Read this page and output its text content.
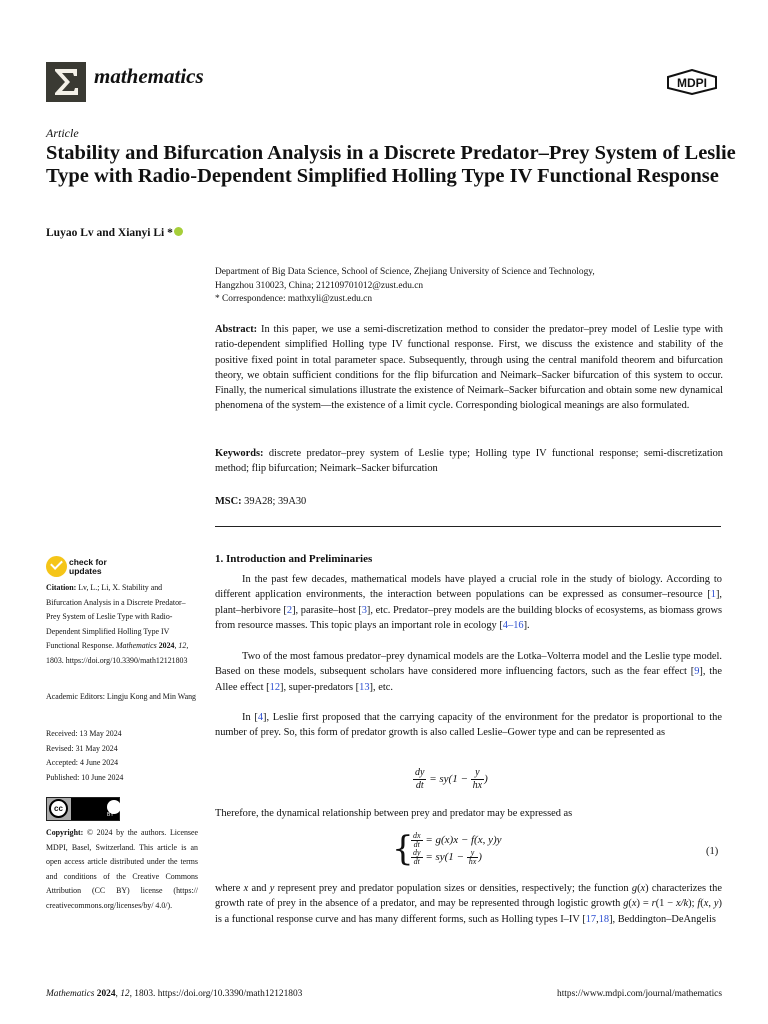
mathematics	MDPI
Article
Stability and Bifurcation Analysis in a Discrete Predator–Prey System of Leslie Type with Radio-Dependent Simplified Holling Type IV Functional Response
Luyao Lv and Xianyi Li *
Department of Big Data Science, School of Science, Zhejiang University of Science and Technology,
Hangzhou 310023, China; 212109701012@zust.edu.cn
* Correspondence: mathxyli@zust.edu.cn
Abstract: In this paper, we use a semi-discretization method to consider the predator–prey model of Leslie type with ratio-dependent simplified Holling type IV functional response. First, we discuss the existence and stability of the positive fixed point in total parameter space. Subsequently, through using the central manifold theorem and bifurcation theory, we obtain sufficient conditions for the flip bifurcation and Neimark–Sacker bifurcation of this system to occur. Finally, the numerical simulations illustrate the existence of Neimark–Sacker bifurcation and obtain some new dynamical phenomena of the system—the existence of a limit cycle. Corresponding biological meanings are also formulated.
Keywords: discrete predator–prey system of Leslie type; Holling type IV functional response; semi-discretization method; flip bifurcation; Neimark–Sacker bifurcation
MSC: 39A28; 39A30
check for
updates
Citation: Lv, L.; Li, X. Stability and Bifurcation Analysis in a Discrete Predator–Prey System of Leslie Type with Radio-Dependent Simplified Holling Type IV Functional Response. Mathematics 2024, 12, 1803. https://doi.org/10.3390/math12121803
Academic Editors: Lingju Kong and Min Wang
Received: 13 May 2024
Revised: 31 May 2024
Accepted: 4 June 2024
Published: 10 June 2024
cc
BY
Copyright: © 2024 by the authors. Licensee MDPI, Basel, Switzerland. This article is an open access article distributed under the terms and conditions of the Creative Commons Attribution (CC BY) license (https:// creativecommons.org/licenses/by/ 4.0/).
1. Introduction and Preliminaries
In the past few decades, mathematical models have played a crucial role in the study of biology. According to different application environments, the interaction between populations can be expressed as consumer–resource [1], plant–herbivore [2], parasite–host [3], etc. Predator–prey models are the building blocks of ecosystems, as biomass grows from resource masses. This topic plays an important role in ecology [4–16].
Two of the most famous predator–prey dynamical models are the Lotka–Volterra model and the Leslie type model. Based on these models, subsequent scholars have considered more influencing factors, such as the fear effect [9], the Allee effect [12], super-predators [13], etc.
In [4], Leslie first proposed that the carrying capacity of the environment for the predator is proportional to the number of prey. So, this form of predator growth is also called Leslie–Gower type and can be represented as
$\frac{dy}{dt} = sy(1 - \frac{y}{hx}$ )
Therefore, the dynamical relationship between prey and predator may be expressed as
{
$\frac{dx}{dt} = g(x)x - f(x$, y)y
$\frac{dy}{dt} = sy(1 - \frac{y}{hx}$ )	(1)
where x and y represent prey and predator population sizes or densities, respectively; the function g(x) characterizes the growth rate of prey in the absence of a predator, and may be represented through logistic growth g(x) = r(1 − x/k); f(x, y) is a functional response curve and has many different forms, such as Holling types I–IV [17,18], Beddington–DeAngelis
Mathematics 2024, 12, 1803. https://doi.org/10.3390/math12121803	https://www.mdpi.com/journal/mathematics
